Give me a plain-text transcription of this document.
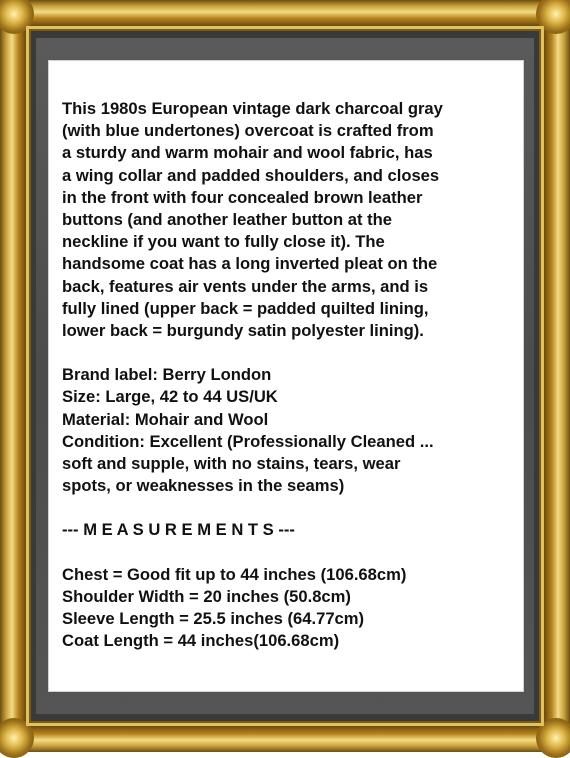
This 1980s European vintage dark charcoal gray
(with blue undertones) overcoat is crafted from
a sturdy and warm mohair and wool fabric, has
a wing collar and padded shoulders, and closes
in the front with four concealed brown leather
buttons (and another leather button at the
neckline if you want to fully close it). The
handsome coat has a long inverted pleat on the
back, features air vents under the arms, and is
fully lined (upper back = padded quilted lining,
lower back = burgundy satin polyester lining).

Brand label: Berry London
Size: Large, 42 to 44 US/UK
Material: Mohair and Wool
Condition: Excellent (Professionally Cleaned ...
soft and supple, with no stains, tears, wear
spots, or weaknesses in the seams)

--- M E A S U R E M E N T S ---

Chest = Good fit up to 44 inches (106.68cm)
Shoulder Width = 20 inches (50.8cm)
Sleeve Length = 25.5 inches (64.77cm)
Coat Length = 44 inches(106.68cm)
